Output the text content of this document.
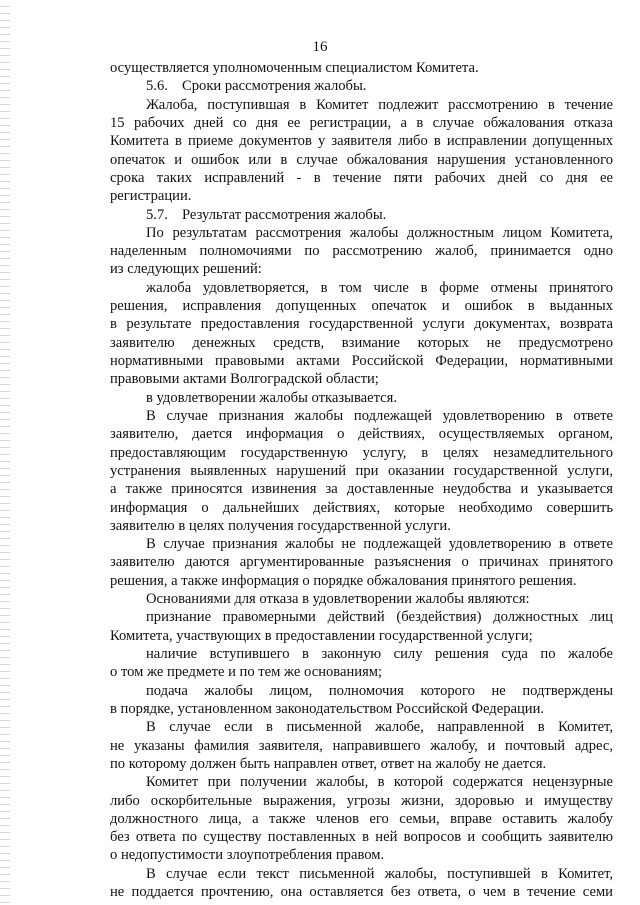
16
осуществляется уполномоченным специалистом Комитета.
5.6. Сроки рассмотрения жалобы.
Жалоба, поступившая в Комитет подлежит рассмотрению в течение
15 рабочих дней со дня ее регистрации, а в случае обжалования отказа
Комитета в приеме документов у заявителя либо в исправлении допущенных
опечаток и ошибок или в случае обжалования нарушения установленного
срока таких исправлений - в течение пяти рабочих дней со дня ее
регистрации.
5.7. Результат рассмотрения жалобы.
По результатам рассмотрения жалобы должностным лицом Комитета,
наделенным полномочиями по рассмотрению жалоб, принимается одно
из следующих решений:
жалоба удовлетворяется, в том числе в форме отмены принятого
решения, исправления допущенных опечаток и ошибок в выданных
в результате предоставления государственной услуги документах, возврата
заявителю денежных средств, взимание которых не предусмотрено
нормативными правовыми актами Российской Федерации, нормативными
правовыми актами Волгоградской области;
в удовлетворении жалобы отказывается.
В случае признания жалобы подлежащей удовлетворению в ответе
заявителю, дается информация о действиях, осуществляемых органом,
предоставляющим государственную услугу, в целях незамедлительного
устранения выявленных нарушений при оказании государственной услуги,
а также приносятся извинения за доставленные неудобства и указывается
информация о дальнейших действиях, которые необходимо совершить
заявителю в целях получения государственной услуги.
В случае признания жалобы не подлежащей удовлетворению в ответе
заявителю даются аргументированные разъяснения о причинах принятого
решения, а также информация о порядке обжалования принятого решения.
Основаниями для отказа в удовлетворении жалобы являются:
признание правомерными действий (бездействия) должностных лиц
Комитета, участвующих в предоставлении государственной услуги;
наличие вступившего в законную силу решения суда по жалобе
о том же предмете и по тем же основаниям;
подача жалобы лицом, полномочия которого не подтверждены
в порядке, установленном законодательством Российской Федерации.
В случае если в письменной жалобе, направленной в Комитет,
не указаны фамилия заявителя, направившего жалобу, и почтовый адрес,
по которому должен быть направлен ответ, ответ на жалобу не дается.
Комитет при получении жалобы, в которой содержатся нецензурные
либо оскорбительные выражения, угрозы жизни, здоровью и имуществу
должностного лица, а также членов его семьи, вправе оставить жалобу
без ответа по существу поставленных в ней вопросов и сообщить заявителю
о недопустимости злоупотребления правом.
В случае если текст письменной жалобы, поступившей в Комитет,
не поддается прочтению, она оставляется без ответа, о чем в течение семи
